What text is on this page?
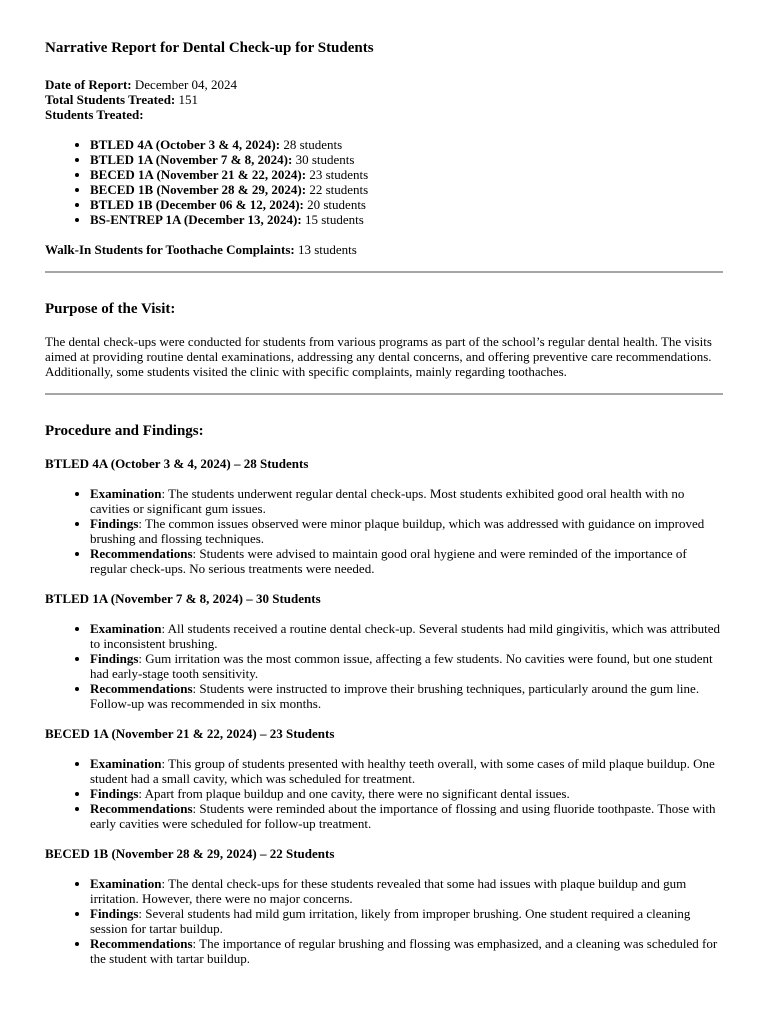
Narrative Report for Dental Check-up for Students

Date of Report: December 04, 2024

Total Students Treated: 151

Students Treated:

• BTLED 4A (October 3 & 4, 2024): 28 students
• BTLED 1A (November 7 & 8, 2024): 30 students
• BECED 1A (November 21 & 22, 2024): 23 students
• BECED 1B (November 28 & 29, 2024): 22 students
• BTLED 1B (December 06 & 12, 2024): 20 students
• BS-ENTREP 1A (December 13, 2024): 15 students

Walk-In Students for Toothache Complaints: 13 students

Purpose of the Visit:

The dental check-ups were conducted for students from various programs as part of the school’s regular dental health. The visits aimed at providing routine dental examinations, addressing any dental concerns, and offering preventive care recommendations. Additionally, some students visited the clinic with specific complaints, mainly regarding toothaches.

Procedure and Findings:
BTLED 4A (October 3 & 4, 2024) – 28 Students
• Examination: The students underwent regular dental check-ups. Most students exhibited good oral health with no cavities or significant gum issues.
• Findings: The common issues observed were minor plaque buildup, which was addressed with guidance on improved brushing and flossing techniques.
• Recommendations: Students were advised to maintain good oral hygiene and were reminded of the importance of regular check-ups. No serious treatments were needed.
BTLED 1A (November 7 & 8, 2024) – 30 Students
• Examination: All students received a routine dental check-up. Several students had mild gingivitis, which was attributed to inconsistent brushing.
• Findings: Gum irritation was the most common issue, affecting a few students. No cavities were found, but one student had early-stage tooth sensitivity.
• Recommendations: Students were instructed to improve their brushing techniques, particularly around the gum line. Follow-up was recommended in six months.
BECED 1A (November 21 & 22, 2024) – 23 Students
• Examination: This group of students presented with healthy teeth overall, with some cases of mild plaque buildup. One student had a small cavity, which was scheduled for treatment.
• Findings: Apart from plaque buildup and one cavity, there were no significant dental issues.
• Recommendations: Students were reminded about the importance of flossing and using fluoride toothpaste. Those with early cavities were scheduled for follow-up treatment.
BECED 1B (November 28 & 29, 2024) – 22 Students
• Examination: The dental check-ups for these students revealed that some had issues with plaque buildup and gum irritation. However, there were no major concerns.
• Findings: Several students had mild gum irritation, likely from improper brushing. One student required a cleaning session for tartar buildup.
• Recommendations: The importance of regular brushing and flossing was emphasized, and a cleaning was scheduled for the student with tartar buildup.
